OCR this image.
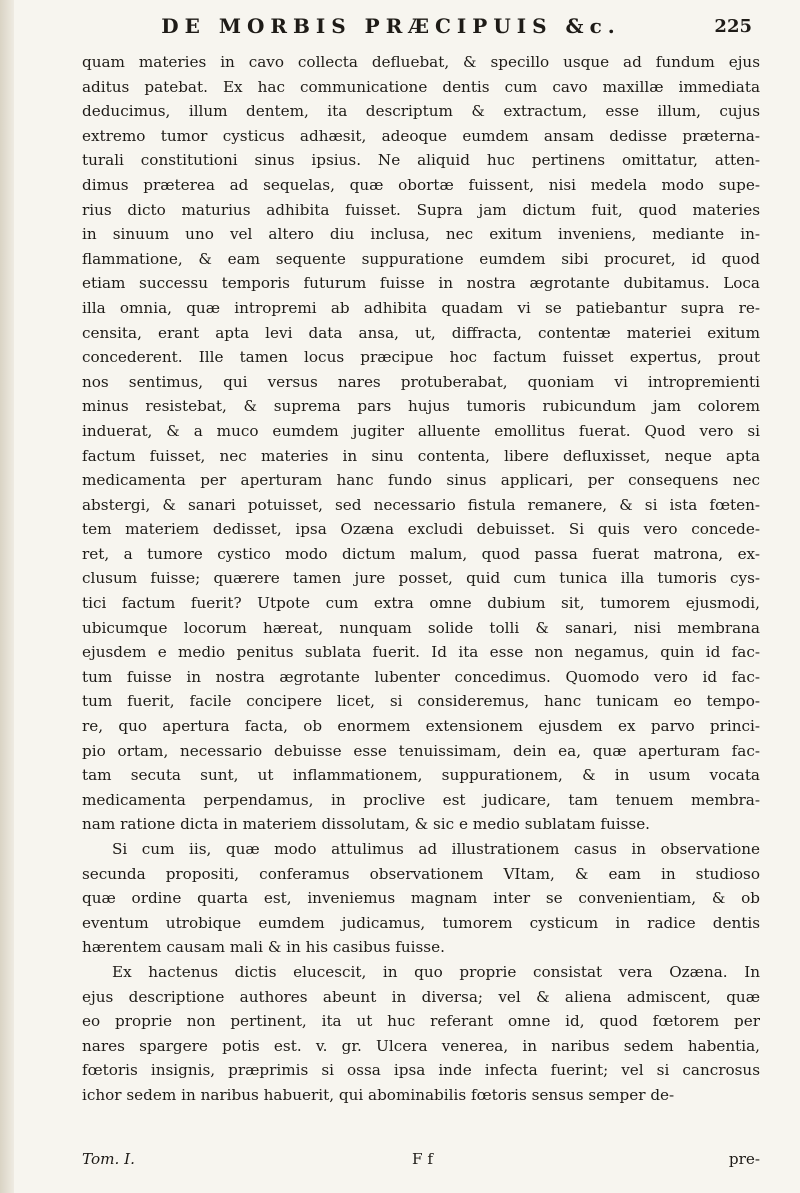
DE MORBIS PRÆCIPUIS &c.	225
quam materies in cavo collecta defluebat, & specillo usque ad fundum ejus
aditus patebat. Ex hac communicatione dentis cum cavo maxillæ immediata
deducimus, illum dentem, ita descriptum & extractum, esse illum, cujus
extremo tumor cysticus adhæsit, adeoque eumdem ansam dedisse præterna-
turali constitutioni sinus ipsius. Ne aliquid huc pertinens omittatur, atten-
dimus præterea ad sequelas, quæ obortæ fuissent, nisi medela modo supe-
rius dicto maturius adhibita fuisset. Supra jam dictum fuit, quod materies
in sinuum uno vel altero diu inclusa, nec exitum inveniens, mediante in-
flammatione, & eam sequente suppuratione eumdem sibi procuret, id quod
etiam successu temporis futurum fuisse in nostra ægrotante dubitamus. Loca
illa omnia, quæ intropremi ab adhibita quadam vi se patiebantur supra re-
censita, erant apta levi data ansa, ut, diffracta, contentæ materiei exitum
concederent. Ille tamen locus præcipue hoc factum fuisset expertus, prout
nos sentimus, qui versus nares protuberabat, quoniam vi intropremienti
minus resistebat, & suprema pars hujus tumoris rubicundum jam colorem
induerat, & a muco eumdem jugiter alluente emollitus fuerat. Quod vero si
factum fuisset, nec materies in sinu contenta, libere defluxisset, neque apta
medicamenta per aperturam hanc fundo sinus applicari, per consequens nec
abstergi, & sanari potuisset, sed necessario fistula remanere, & si ista fœten-
tem materiem dedisset, ipsa Ozæna excludi debuisset. Si quis vero concede-
ret, a tumore cystico modo dictum malum, quod passa fuerat matrona, ex-
clusum fuisse; quærere tamen jure posset, quid cum tunica illa tumoris cys-
tici factum fuerit? Utpote cum extra omne dubium sit, tumorem ejusmodi,
ubicumque locorum hæreat, nunquam solide tolli & sanari, nisi membrana
ejusdem e medio penitus sublata fuerit. Id ita esse non negamus, quin id fac-
tum fuisse in nostra ægrotante lubenter concedimus. Quomodo vero id fac-
tum fuerit, facile concipere licet, si consideremus, hanc tunicam eo tempo-
re, quo apertura facta, ob enormem extensionem ejusdem ex parvo princi-
pio ortam, necessario debuisse esse tenuissimam, dein ea, quæ aperturam fac-
tam secuta sunt, ut inflammationem, suppurationem, & in usum vocata
medicamenta perpendamus, in proclive est judicare, tam tenuem membra-
nam ratione dicta in materiem dissolutam, & sic e medio sublatam fuisse.
Si cum iis, quæ modo attulimus ad illustrationem casus in observatione
secunda propositi, conferamus observationem VItam, & eam in studioso
quæ ordine quarta est, inveniemus magnam inter se convenientiam, & ob
eventum utrobique eumdem judicamus, tumorem cysticum in radice dentis
hærentem causam mali & in his casibus fuisse.
Ex hactenus dictis elucescit, in quo proprie consistat vera Ozæna. In
ejus descriptione authores abeunt in diversa; vel & aliena admiscent, quæ
eo proprie non pertinent, ita ut huc referant omne id, quod fœtorem per
nares spargere potis est. v. gr. Ulcera venerea, in naribus sedem habentia,
fœtoris insignis, præprimis si ossa ipsa inde infecta fuerint; vel si cancrosus
ichor sedem in naribus habuerit, qui abominabilis fœtoris sensus semper de-
Tom. I.	F f	pre-
